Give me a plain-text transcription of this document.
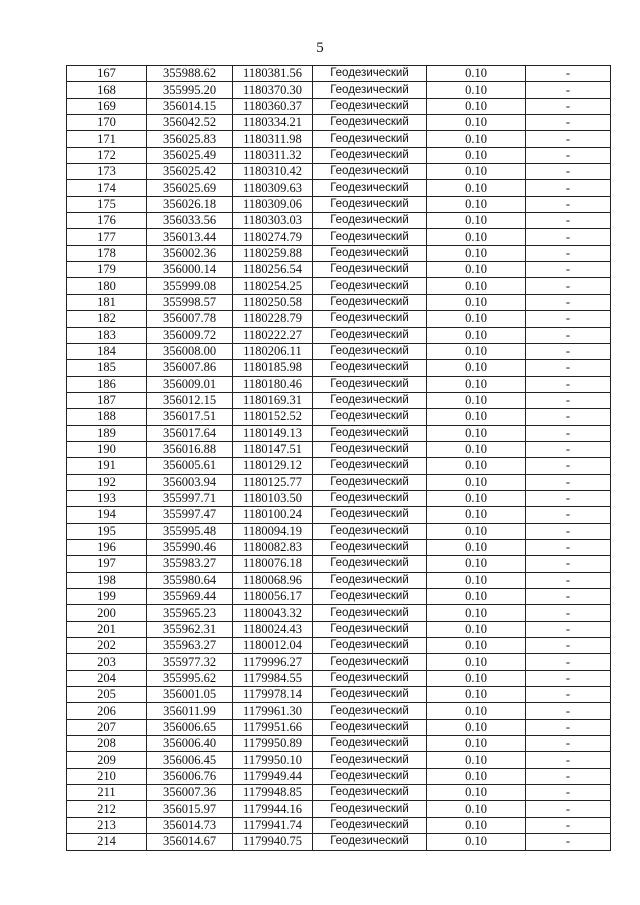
5
167	355988.62	1180381.56	Геодезический	0.10	-
168	355995.20	1180370.30	Геодезический	0.10	-
169	356014.15	1180360.37	Геодезический	0.10	-
170	356042.52	1180334.21	Геодезический	0.10	-
171	356025.83	1180311.98	Геодезический	0.10	-
172	356025.49	1180311.32	Геодезический	0.10	-
173	356025.42	1180310.42	Геодезический	0.10	-
174	356025.69	1180309.63	Геодезический	0.10	-
175	356026.18	1180309.06	Геодезический	0.10	-
176	356033.56	1180303.03	Геодезический	0.10	-
177	356013.44	1180274.79	Геодезический	0.10	-
178	356002.36	1180259.88	Геодезический	0.10	-
179	356000.14	1180256.54	Геодезический	0.10	-
180	355999.08	1180254.25	Геодезический	0.10	-
181	355998.57	1180250.58	Геодезический	0.10	-
182	356007.78	1180228.79	Геодезический	0.10	-
183	356009.72	1180222.27	Геодезический	0.10	-
184	356008.00	1180206.11	Геодезический	0.10	-
185	356007.86	1180185.98	Геодезический	0.10	-
186	356009.01	1180180.46	Геодезический	0.10	-
187	356012.15	1180169.31	Геодезический	0.10	-
188	356017.51	1180152.52	Геодезический	0.10	-
189	356017.64	1180149.13	Геодезический	0.10	-
190	356016.88	1180147.51	Геодезический	0.10	-
191	356005.61	1180129.12	Геодезический	0.10	-
192	356003.94	1180125.77	Геодезический	0.10	-
193	355997.71	1180103.50	Геодезический	0.10	-
194	355997.47	1180100.24	Геодезический	0.10	-
195	355995.48	1180094.19	Геодезический	0.10	-
196	355990.46	1180082.83	Геодезический	0.10	-
197	355983.27	1180076.18	Геодезический	0.10	-
198	355980.64	1180068.96	Геодезический	0.10	-
199	355969.44	1180056.17	Геодезический	0.10	-
200	355965.23	1180043.32	Геодезический	0.10	-
201	355962.31	1180024.43	Геодезический	0.10	-
202	355963.27	1180012.04	Геодезический	0.10	-
203	355977.32	1179996.27	Геодезический	0.10	-
204	355995.62	1179984.55	Геодезический	0.10	-
205	356001.05	1179978.14	Геодезический	0.10	-
206	356011.99	1179961.30	Геодезический	0.10	-
207	356006.65	1179951.66	Геодезический	0.10	-
208	356006.40	1179950.89	Геодезический	0.10	-
209	356006.45	1179950.10	Геодезический	0.10	-
210	356006.76	1179949.44	Геодезический	0.10	-
211	356007.36	1179948.85	Геодезический	0.10	-
212	356015.97	1179944.16	Геодезический	0.10	-
213	356014.73	1179941.74	Геодезический	0.10	-
214	356014.67	1179940.75	Геодезический	0.10	-
